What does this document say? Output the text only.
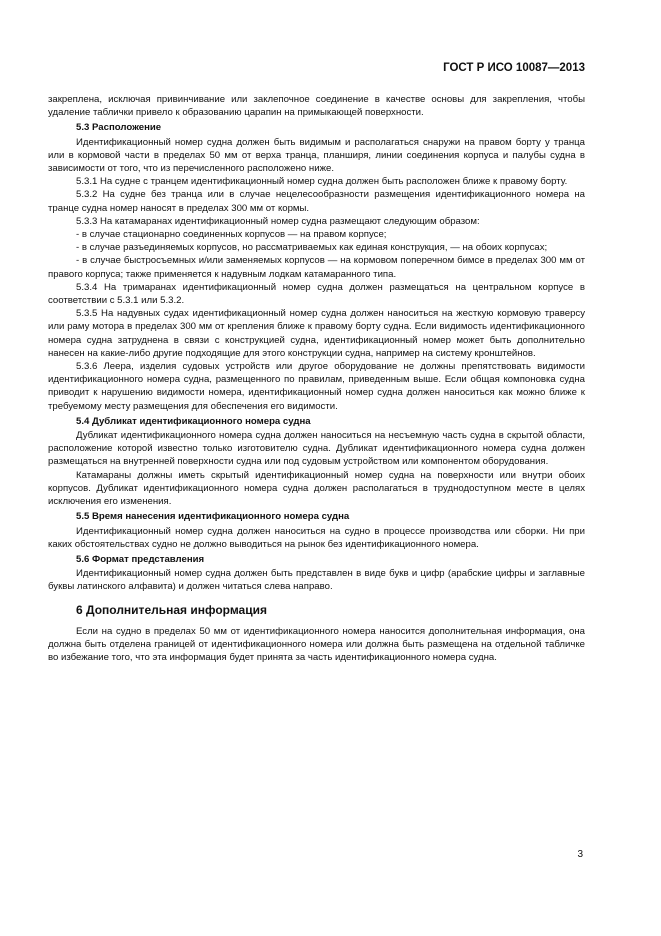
ГОСТ Р ИСО 10087—2013

закреплена, исключая привинчивание или заклепочное соединение в качестве основы для закрепления, чтобы удаление таблички привело к образованию царапин на примыкающей поверхности.

5.3 Расположение

Идентификационный номер судна должен быть видимым и располагаться снаружи на правом борту у транца или в кормовой части в пределах 50 мм от верха транца, планширя, линии соединения корпуса и палубы судна в зависимости от того, что из перечисленного расположено ниже.

5.3.1 На судне с транцем идентификационный номер судна должен быть расположен ближе к правому борту.

5.3.2 На судне без транца или в случае нецелесообразности размещения идентификационного номера на транце судна номер наносят в пределах 300 мм от кормы.

5.3.3 На катамаранах идентификационный номер судна размещают следующим образом:

- в случае стационарно соединенных корпусов — на правом корпусе;

- в случае разъединяемых корпусов, но рассматриваемых как единая конструкция, — на обоих корпусах;

- в случае быстросъемных и/или заменяемых корпусов — на кормовом поперечном бимсе в пределах 300 мм от правого корпуса; также применяется к надувным лодкам катамаранного типа.

5.3.4 На тримаранах идентификационный номер судна должен размещаться на центральном корпусе в соответствии с 5.3.1 или 5.3.2.

5.3.5 На надувных судах идентификационный номер судна должен наноситься на жесткую кормовую траверсу или раму мотора в пределах 300 мм от крепления ближе к правому борту судна. Если видимость идентификационного номера судна затруднена в связи с конструкцией судна, идентификационный номер может быть дополнительно нанесен на какие-либо другие подходящие для этого конструкции судна, например на систему кронштейнов.

5.3.6 Леера, изделия судовых устройств или другое оборудование не должны препятствовать видимости идентификационного номера судна, размещенного по правилам, приведенным выше. Если общая компоновка судна приводит к нарушению видимости номера, идентификационный номер судна должен наноситься как можно ближе к требуемому месту размещения для обеспечения его видимости.

5.4 Дубликат идентификационного номера судна

Дубликат идентификационного номера судна должен наноситься на несъемную часть судна в скрытой области, расположение которой известно только изготовителю судна. Дубликат идентификационного номера судна должен размещаться на внутренней поверхности судна или под судовым устройством или компонентом оборудования.

Катамараны должны иметь скрытый идентификационный номер судна на поверхности или внутри обоих корпусов. Дубликат идентификационного номера судна должен располагаться в труднодоступном месте в целях исключения его изменения.

5.5 Время нанесения идентификационного номера судна

Идентификационный номер судна должен наноситься на судно в процессе производства или сборки. Ни при каких обстоятельствах судно не должно выводиться на рынок без идентификационного номера.

5.6 Формат представления

Идентификационный номер судна должен быть представлен в виде букв и цифр (арабские цифры и заглавные буквы латинского алфавита) и должен читаться слева направо.

6 Дополнительная информация

Если на судно в пределах 50 мм от идентификационного номера наносится дополнительная информация, она должна быть отделена границей от идентификационного номера или должна быть размещена на отдельной табличке во избежание того, что эта информация будет принята за часть идентификационного номера судна.

3
